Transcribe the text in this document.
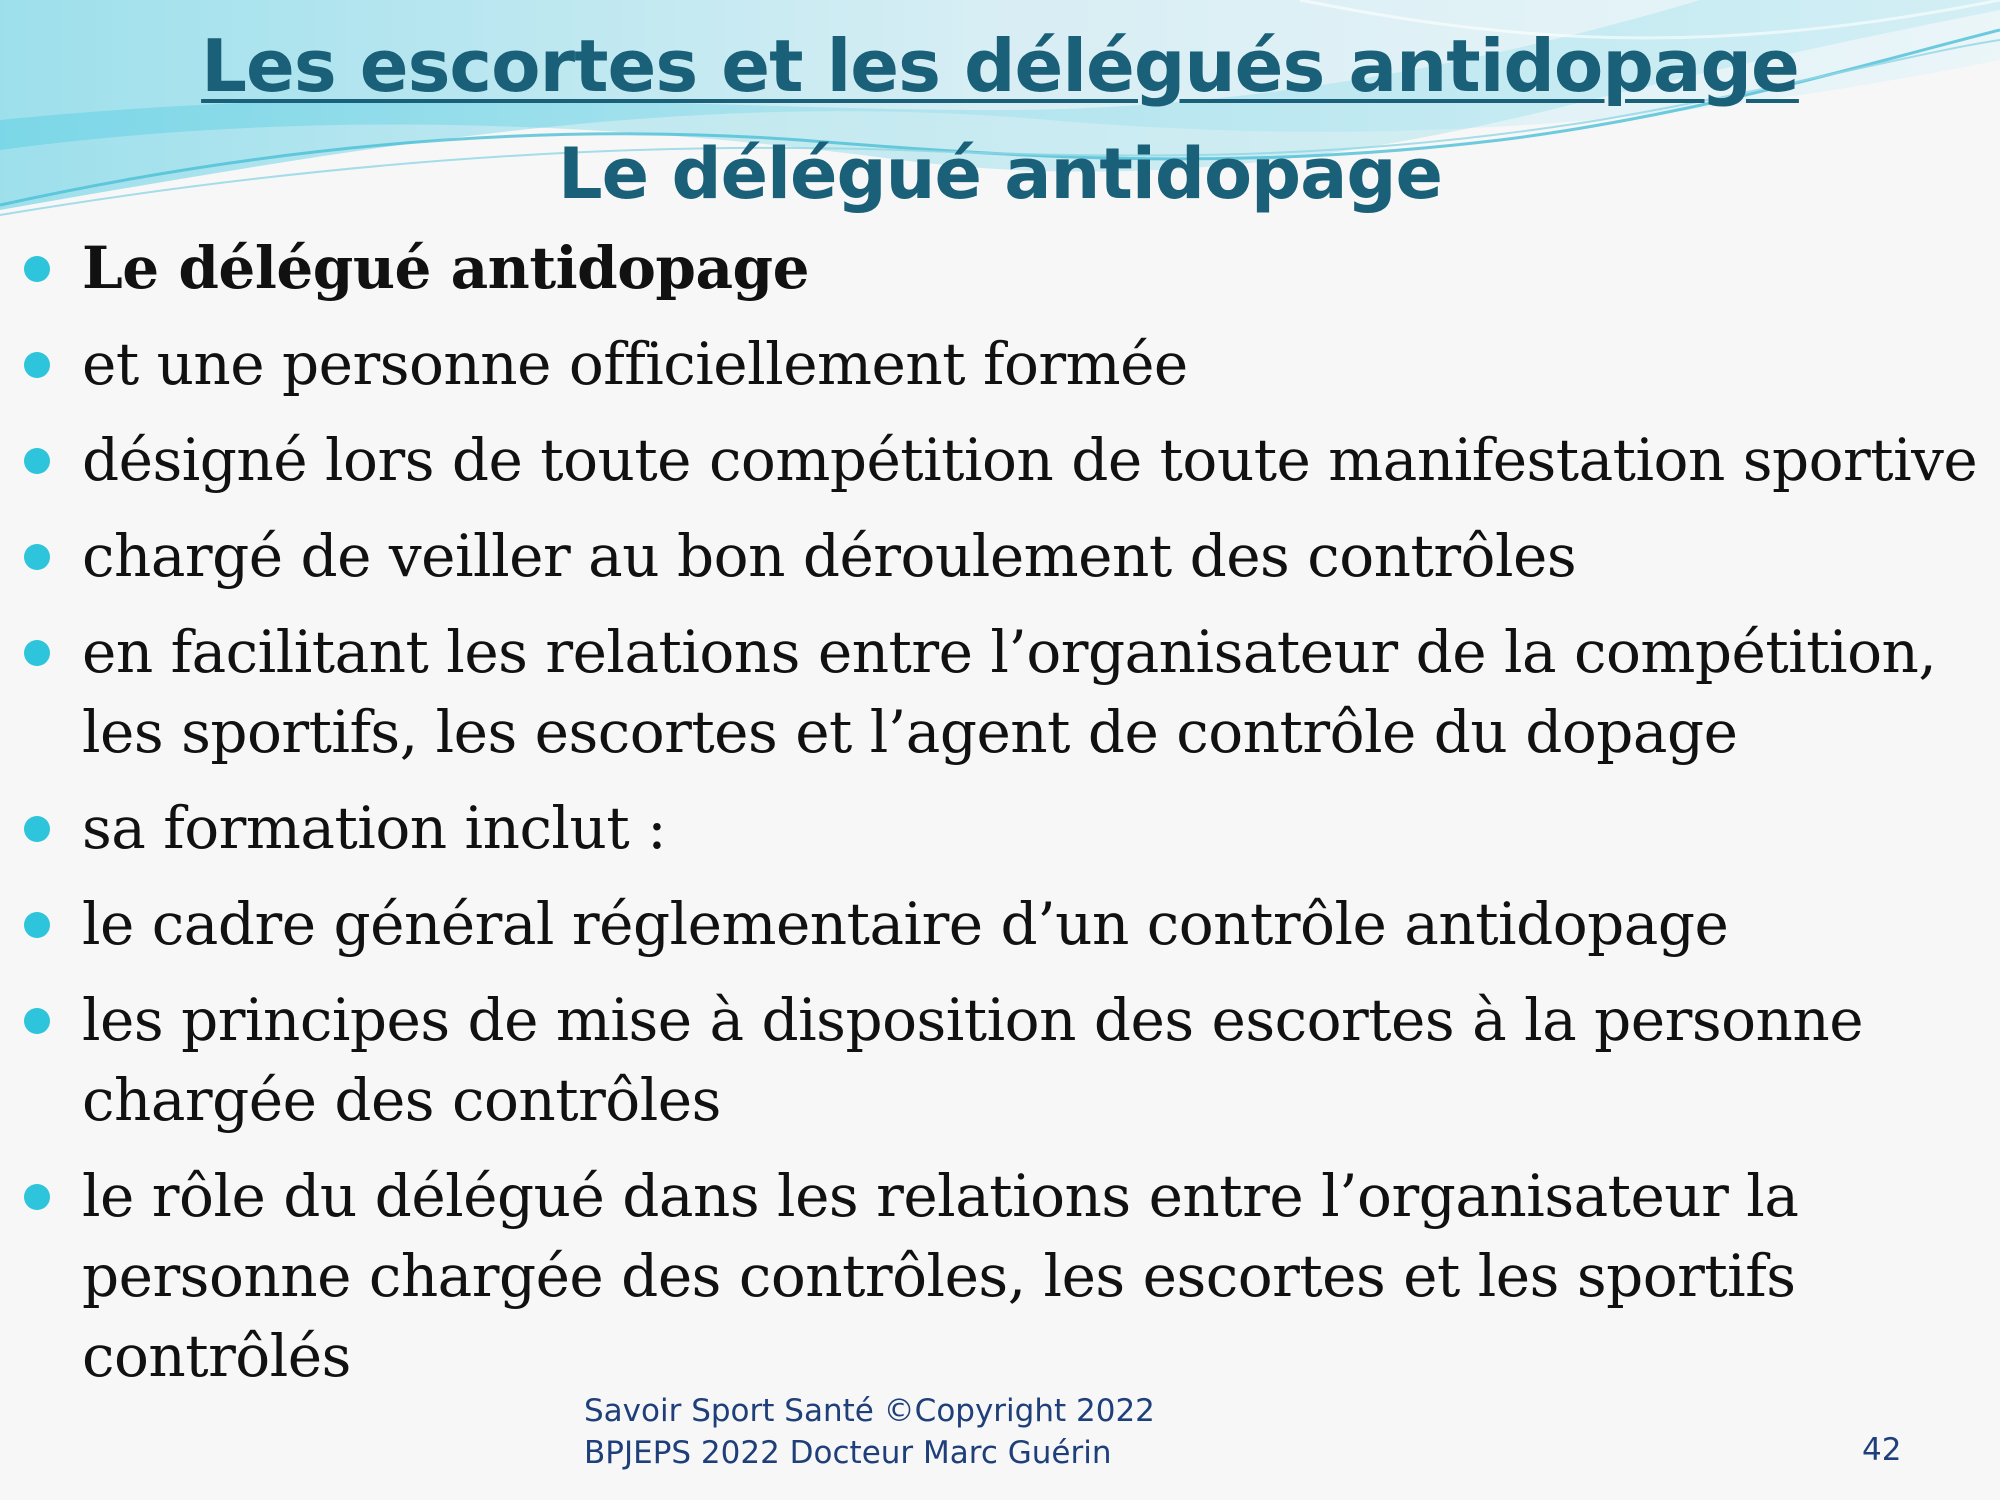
Les escortes et les délégués antidopage
Le délégué antidopage
Le délégué antidopage
et une personne officiellement formée
désigné lors de toute compétition de toute manifestation sportive
chargé de veiller au bon déroulement des contrôles
en facilitant les relations entre l’organisateur de la compétition, les sportifs, les escortes et l’agent de contrôle du dopage
sa formation inclut :
le cadre général réglementaire d’un contrôle antidopage
les principes de mise à disposition des escortes à la personne chargée des contrôles
le rôle du délégué dans les relations entre l’organisateur la personne chargée des contrôles, les escortes et les sportifs contrôlés
Savoir Sport Santé ©Copyright 2022
BPJEPS 2022 Docteur Marc Guérin	42
